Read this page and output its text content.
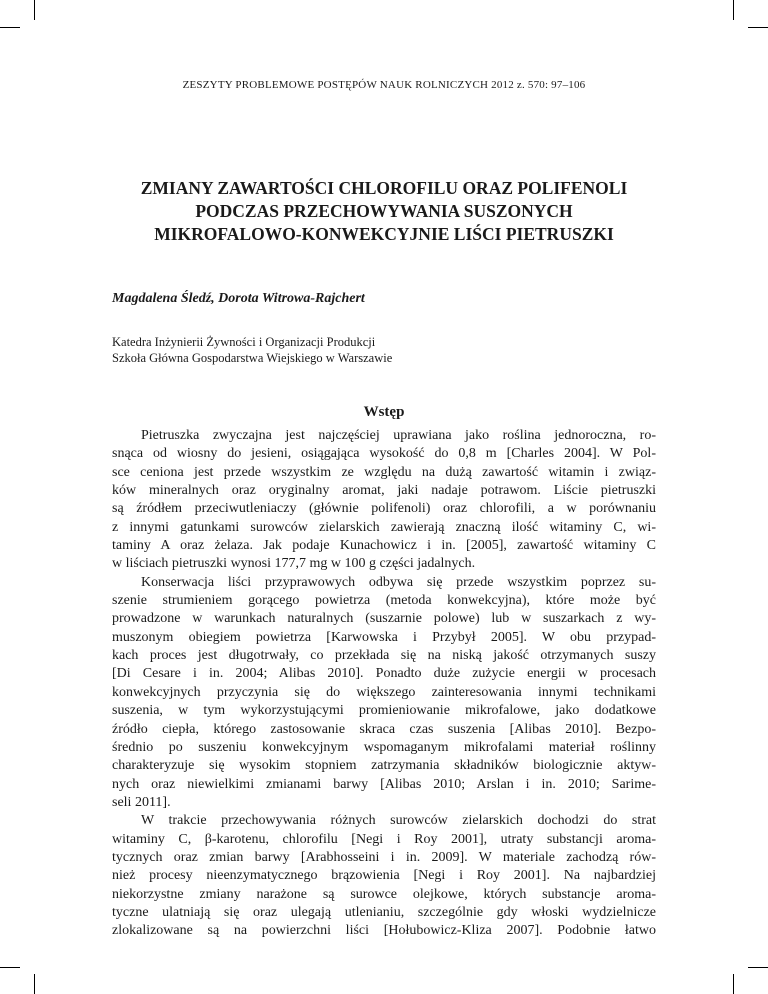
ZESZYTY PROBLEMOWE POSTĘPÓW NAUK ROLNICZYCH 2012 z. 570: 97–106
ZMIANY ZAWARTOŚCI CHLOROFILU ORAZ POLIFENOLI
PODCZAS PRZECHOWYWANIA SUSZONYCH
MIKROFALOWO-KONWEKCYJNIE LIŚCI PIETRUSZKI
Magdalena Śledź, Dorota Witrowa-Rajchert
Katedra Inżynierii Żywności i Organizacji Produkcji
Szkoła Główna Gospodarstwa Wiejskiego w Warszawie
Wstęp
Pietruszka zwyczajna jest najczęściej uprawiana jako roślina jednoroczna, ro-
snąca od wiosny do jesieni, osiągająca wysokość do 0,8 m [Charles 2004]. W Pol-
sce ceniona jest przede wszystkim ze względu na dużą zawartość witamin i związ-
ków mineralnych oraz oryginalny aromat, jaki nadaje potrawom. Liście pietruszki
są źródłem przeciwutleniaczy (głównie polifenoli) oraz chlorofili, a w porównaniu
z innymi gatunkami surowców zielarskich zawierają znaczną ilość witaminy C, wi-
taminy A oraz żelaza. Jak podaje Kunachowicz i in. [2005], zawartość witaminy C
w liściach pietruszki wynosi 177,7 mg w 100 g części jadalnych.
Konserwacja liści przyprawowych odbywa się przede wszystkim poprzez su-
szenie strumieniem gorącego powietrza (metoda konwekcyjna), które może być
prowadzone w warunkach naturalnych (suszarnie polowe) lub w suszarkach z wy-
muszonym obiegiem powietrza [Karwowska i Przybył 2005]. W obu przypad-
kach proces jest długotrwały, co przekłada się na niską jakość otrzymanych suszy
[Di Cesare i in. 2004; Alibas 2010]. Ponadto duże zużycie energii w procesach
konwekcyjnych przyczynia się do większego zainteresowania innymi technikami
suszenia, w tym wykorzystującymi promieniowanie mikrofalowe, jako dodatkowe
źródło ciepła, którego zastosowanie skraca czas suszenia [Alibas 2010]. Bezpo-
średnio po suszeniu konwekcyjnym wspomaganym mikrofalami materiał roślinny
charakteryzuje się wysokim stopniem zatrzymania składników biologicznie aktyw-
nych oraz niewielkimi zmianami barwy [Alibas 2010; Arslan i in. 2010; Sarime-
seli 2011].
W trakcie przechowywania różnych surowców zielarskich dochodzi do strat
witaminy C, β-karotenu, chlorofilu [Negi i Roy 2001], utraty substancji aroma-
tycznych oraz zmian barwy [Arabhosseini i in. 2009]. W materiale zachodzą rów-
nież procesy nieenzymatycznego brązowienia [Negi i Roy 2001]. Na najbardziej
niekorzystne zmiany narażone są surowce olejkowe, których substancje aroma-
tyczne ulatniają się oraz ulegają utlenianiu, szczególnie gdy włoski wydzielnicze
zlokalizowane są na powierzchni liści [Hołubowicz-Kliza 2007]. Podobnie łatwo
